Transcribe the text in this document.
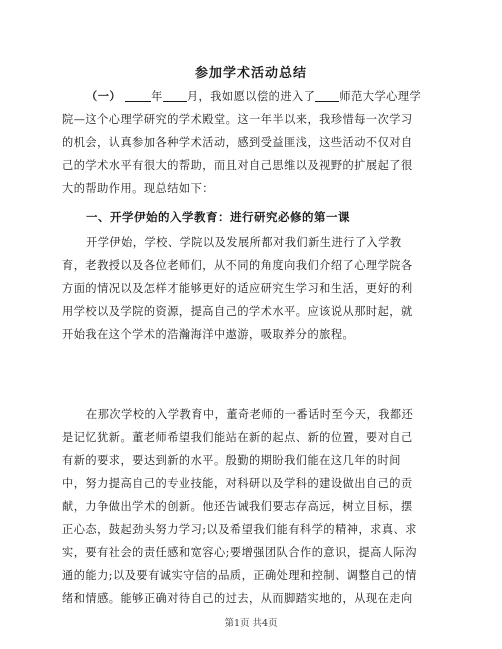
参加学术活动总结
（一）	年 月，我如愿以偿的进入了 师范大学心理学
院—这个心理学研究的学术殿堂。这一年半以来，我珍惜每一次学习
的机会，认真参加各种学术活动，感到受益匪浅，这些活动不仅对自
己的学术水平有很大的帮助，而且对自己思维以及视野的扩展起了很
大的帮助作用。现总结如下：
一、开学伊始的入学教育：进行研究必修的第一课
开学伊始，学校、学院以及发展所都对我们新生进行了入学教
育，老教授以及各位老师们，从不同的角度向我们介绍了心理学院各
方面的情况以及怎样才能够更好的适应研究生学习和生活，更好的利
用学校以及学院的资源，提高自己的学术水平。应该说从那时起，就
开始我在这个学术的浩瀚海洋中遨游，吸取养分的旅程。
在那次学校的入学教育中，董奇老师的一番话时至今天，我都还
是记忆犹新。董老师希望我们能站在新的起点、新的位置，要对自己
有新的要求，要达到新的水平。殷勤的期盼我们能在这几年的时间
中，努力提高自己的专业技能，对科研以及学科的建设做出自己的贡
献，力争做出学术的创新。他还告诫我们要志存高远，树立目标，摆
正心态，鼓起劲头努力学习;以及希望我们能有科学的精神，求真、求
实，要有社会的责任感和宽容心;要增强团队合作的意识，提高人际沟
通的能力;以及要有诚实守信的品质，正确处理和控制、调整自己的情
绪和情感。能够正确对待自己的过去，从而脚踏实地的，从现在走向
第1页 共4页
